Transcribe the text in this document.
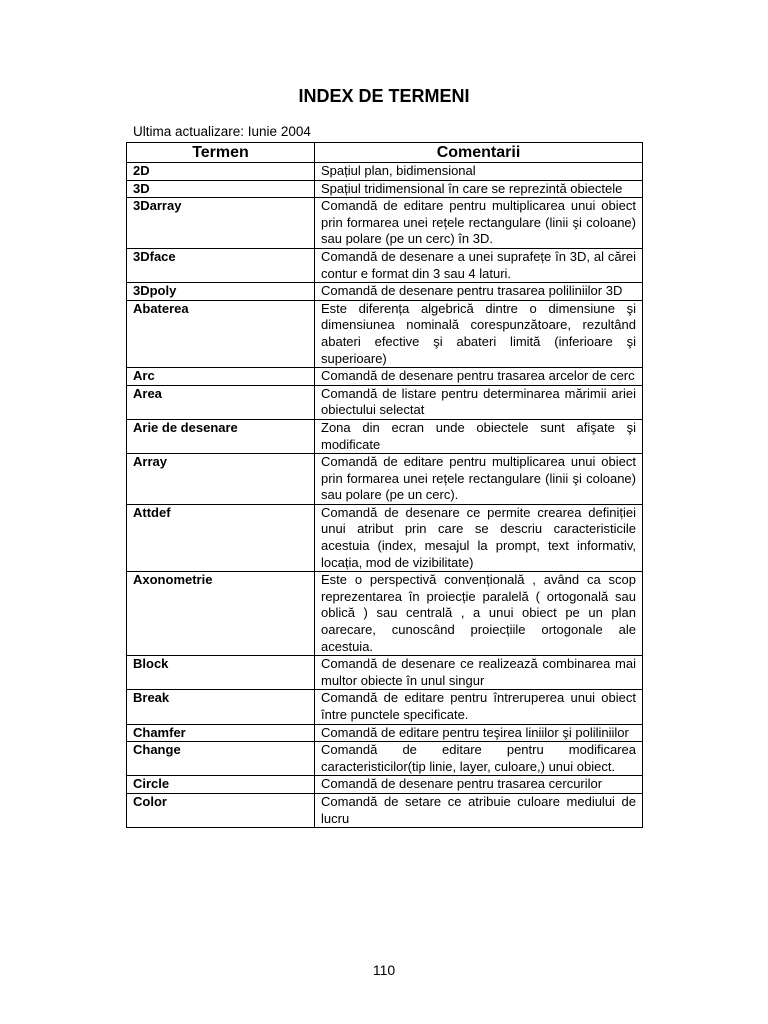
INDEX DE TERMENI
Ultima actualizare: Iunie 2004
Termen	Comentarii
2D	Spațiul plan, bidimensional
3D	Spațiul tridimensional în care se reprezintă obiectele
3Darray	Comandă de editare pentru multiplicarea unui obiect prin formarea unei rețele rectangulare (linii şi coloane) sau polare (pe un cerc) în 3D.
3Dface	Comandă de desenare a unei suprafețe în 3D, al cărei contur e format din 3 sau 4 laturi.
3Dpoly	Comandă de desenare pentru trasarea poliliniilor 3D
Abaterea	Este diferența algebrică dintre o dimensiune şi dimensiunea nominală corespunzătoare, rezultând abateri efective şi abateri limită (inferioare şi superioare)
Arc	Comandă de desenare pentru trasarea arcelor de cerc
Area	Comandă de listare pentru determinarea mărimii ariei obiectului selectat
Arie de desenare	Zona din ecran unde obiectele sunt afişate şi modificate
Array	Comandă de editare pentru multiplicarea unui obiect prin formarea unei rețele rectangulare (linii şi coloane) sau polare (pe un cerc).
Attdef	Comandă de desenare ce permite crearea definiției unui atribut prin care se descriu caracteristicile acestuia (index, mesajul la prompt, text informativ, locația, mod de vizibilitate)
Axonometrie	Este o perspectivă convențională , având ca scop reprezentarea în proiecție paralelă ( ortogonală sau oblică ) sau centrală , a unui obiect pe un plan oarecare, cunoscând proiecțiile ortogonale ale acestuia.
Block	Comandă de desenare ce realizează combinarea mai multor obiecte în unul singur
Break	Comandă de editare pentru întreruperea unui obiect între punctele specificate.
Chamfer	Comandă de editare pentru teşirea liniilor şi poliliniilor
Change	Comandă de editare pentru modificarea caracteristicilor(tip linie, layer, culoare,) unui obiect.
Circle	Comandă de desenare pentru trasarea cercurilor
Color	Comandă de setare ce atribuie culoare mediului de lucru
110
